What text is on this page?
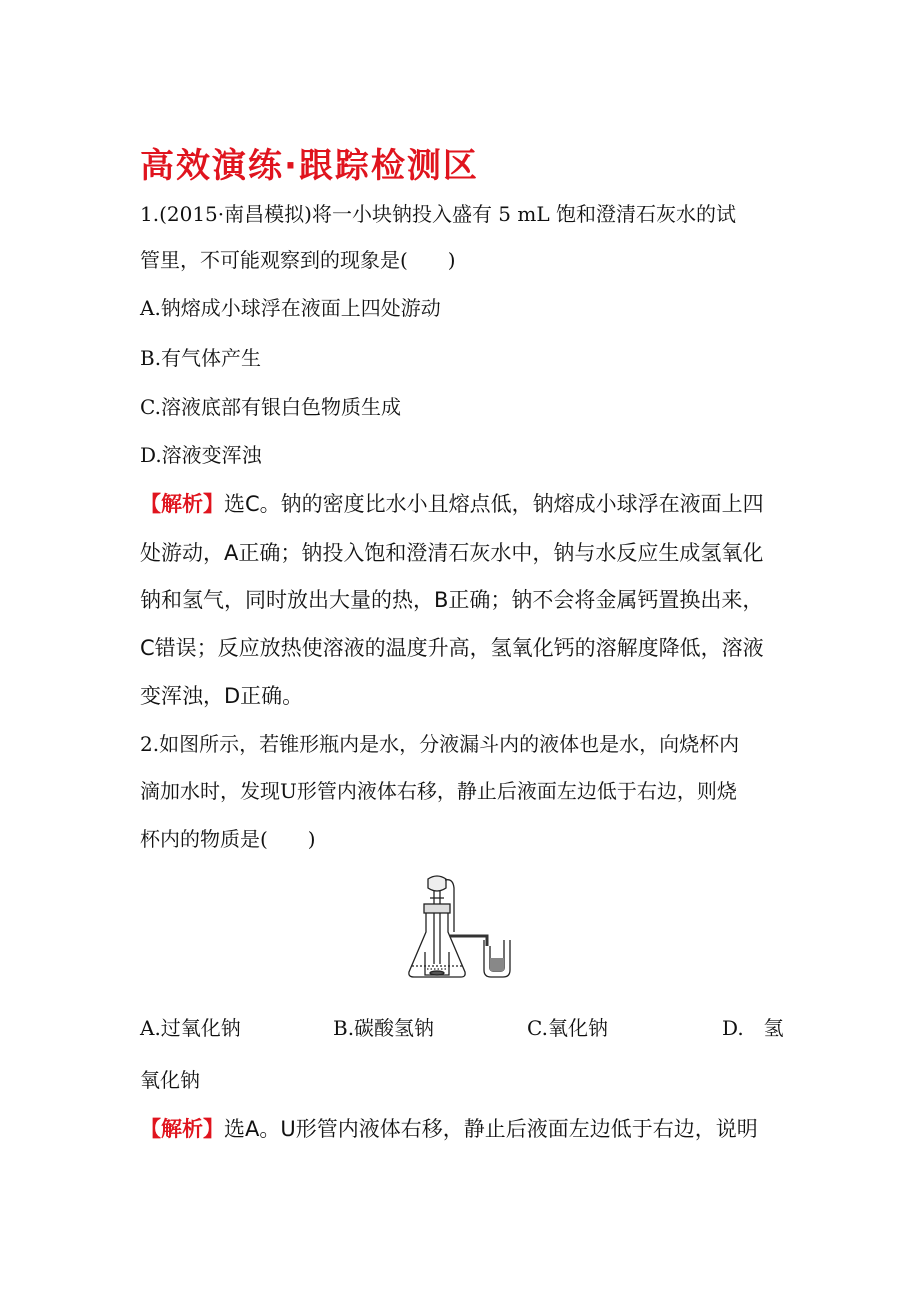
高效演练·跟踪检测区
1.(2015·南昌模拟)将一小块钠投入盛有 5 mL 饱和澄清石灰水的试
管里，不可能观察到的现象是(　　)
A.钠熔成小球浮在液面上四处游动
B.有气体产生
C.溶液底部有银白色物质生成
D.溶液变浑浊
【解析】选C。钠的密度比水小且熔点低，钠熔成小球浮在液面上四
处游动，A正确；钠投入饱和澄清石灰水中，钠与水反应生成氢氧化
钠和氢气，同时放出大量的热，B正确；钠不会将金属钙置换出来，
C错误；反应放热使溶液的温度升高，氢氧化钙的溶解度降低，溶液
变浑浊，D正确。
2.如图所示，若锥形瓶内是水，分液漏斗内的液体也是水，向烧杯内
滴加水时，发现U形管内液体右移，静止后液面左边低于右边，则烧
杯内的物质是(　　)
A.过氧化钠	B.碳酸氢钠	C.氧化钠	D.　氢
氧化钠
【解析】选A。U形管内液体右移，静止后液面左边低于右边，说明
